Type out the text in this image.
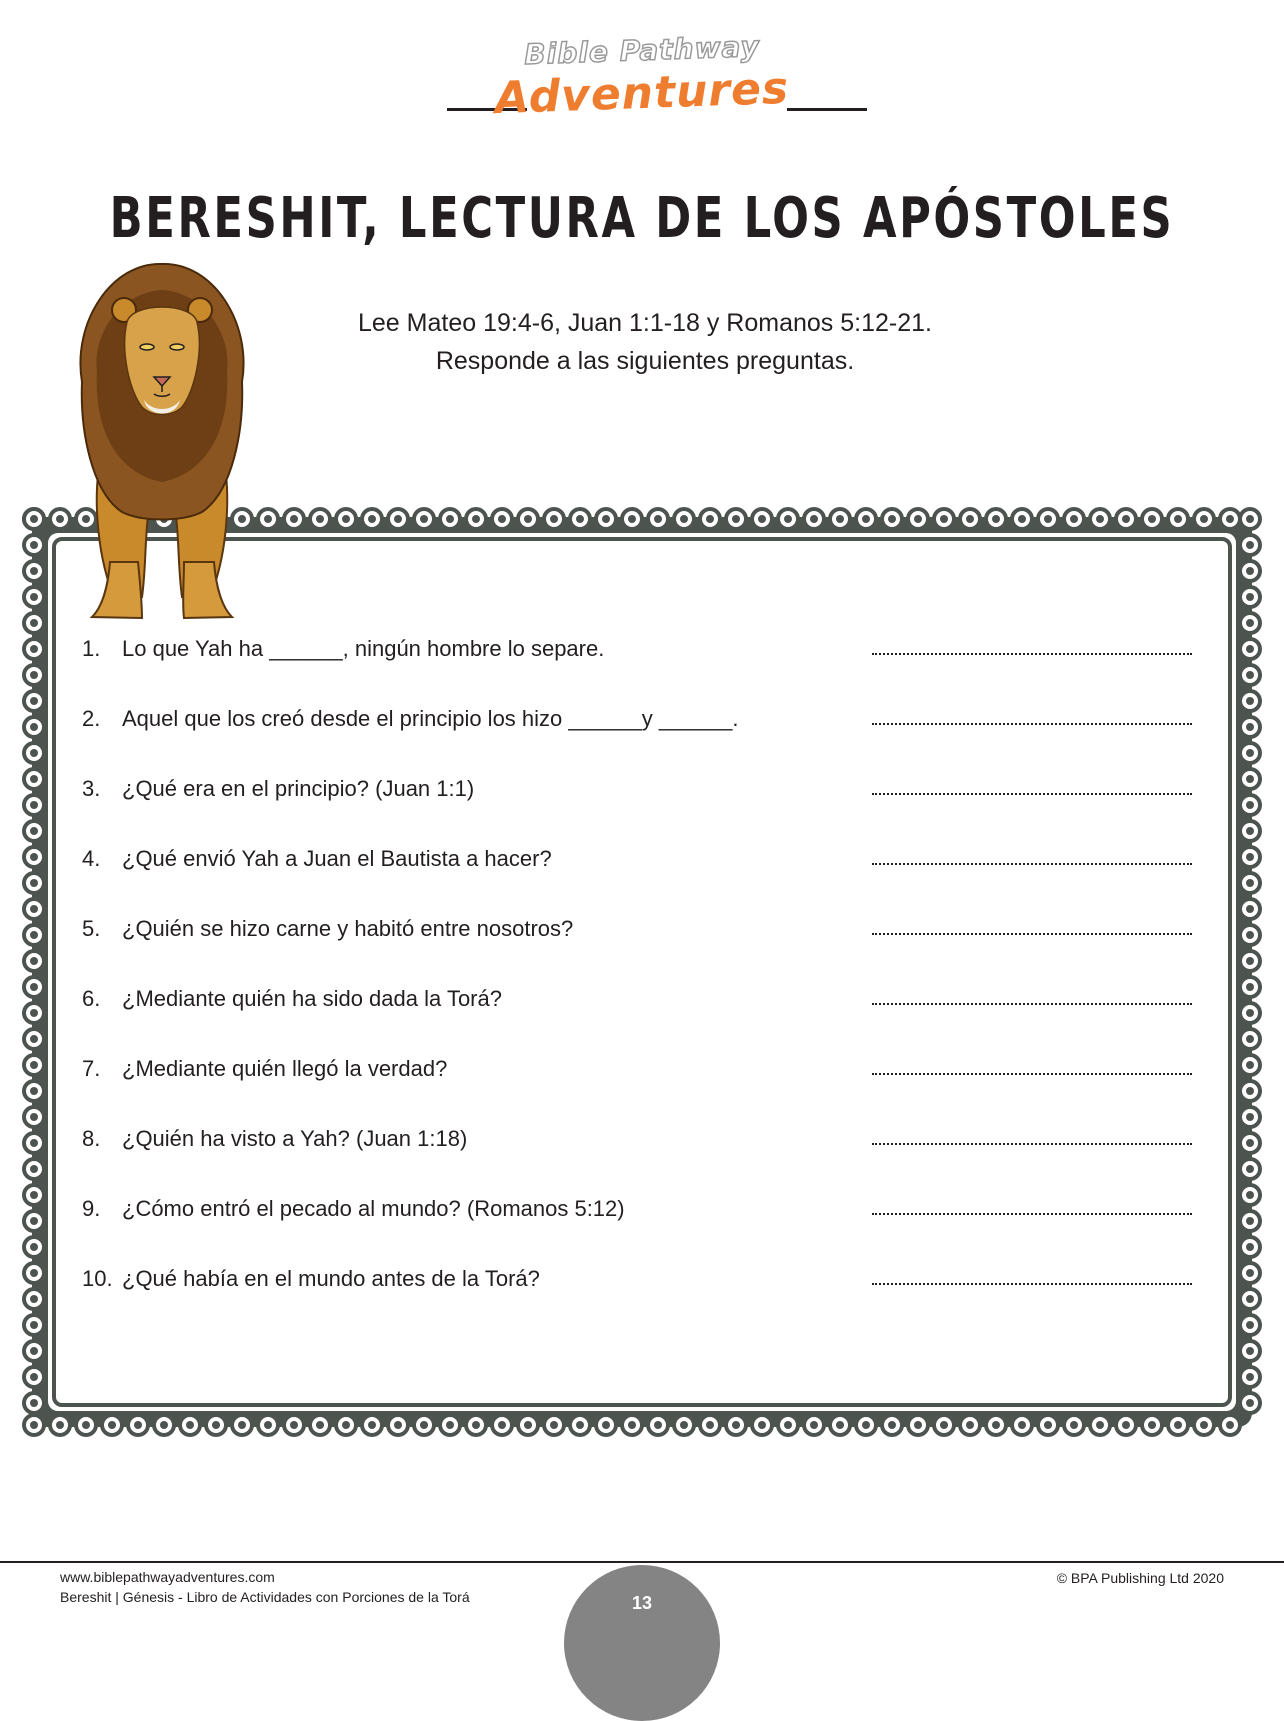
Bible Pathway
Adventures
BERESHIT, LECTURA DE LOS APÓSTOLES
Lee Mateo 19:4-6, Juan 1:1-18 y Romanos 5:12-21.
Responde a las siguientes preguntas.
1. Lo que Yah ha ______, ningún hombre lo separe.
2. Aquel que los creó desde el principio los hizo ______y ______.
3. ¿Qué era en el principio? (Juan 1:1)
4. ¿Qué envió Yah a Juan el Bautista a hacer?
5. ¿Quién se hizo carne y habitó entre nosotros?
6. ¿Mediante quién ha sido dada la Torá?
7. ¿Mediante quién llegó la verdad?
8. ¿Quién ha visto a Yah? (Juan 1:18)
9. ¿Cómo entró el pecado al mundo? (Romanos 5:12)
10. ¿Qué había en el mundo antes de la Torá?
www.biblepathwayadventures.com
Bereshit | Génesis - Libro de Actividades con Porciones de la Torá
© BPA Publishing Ltd 2020
13
